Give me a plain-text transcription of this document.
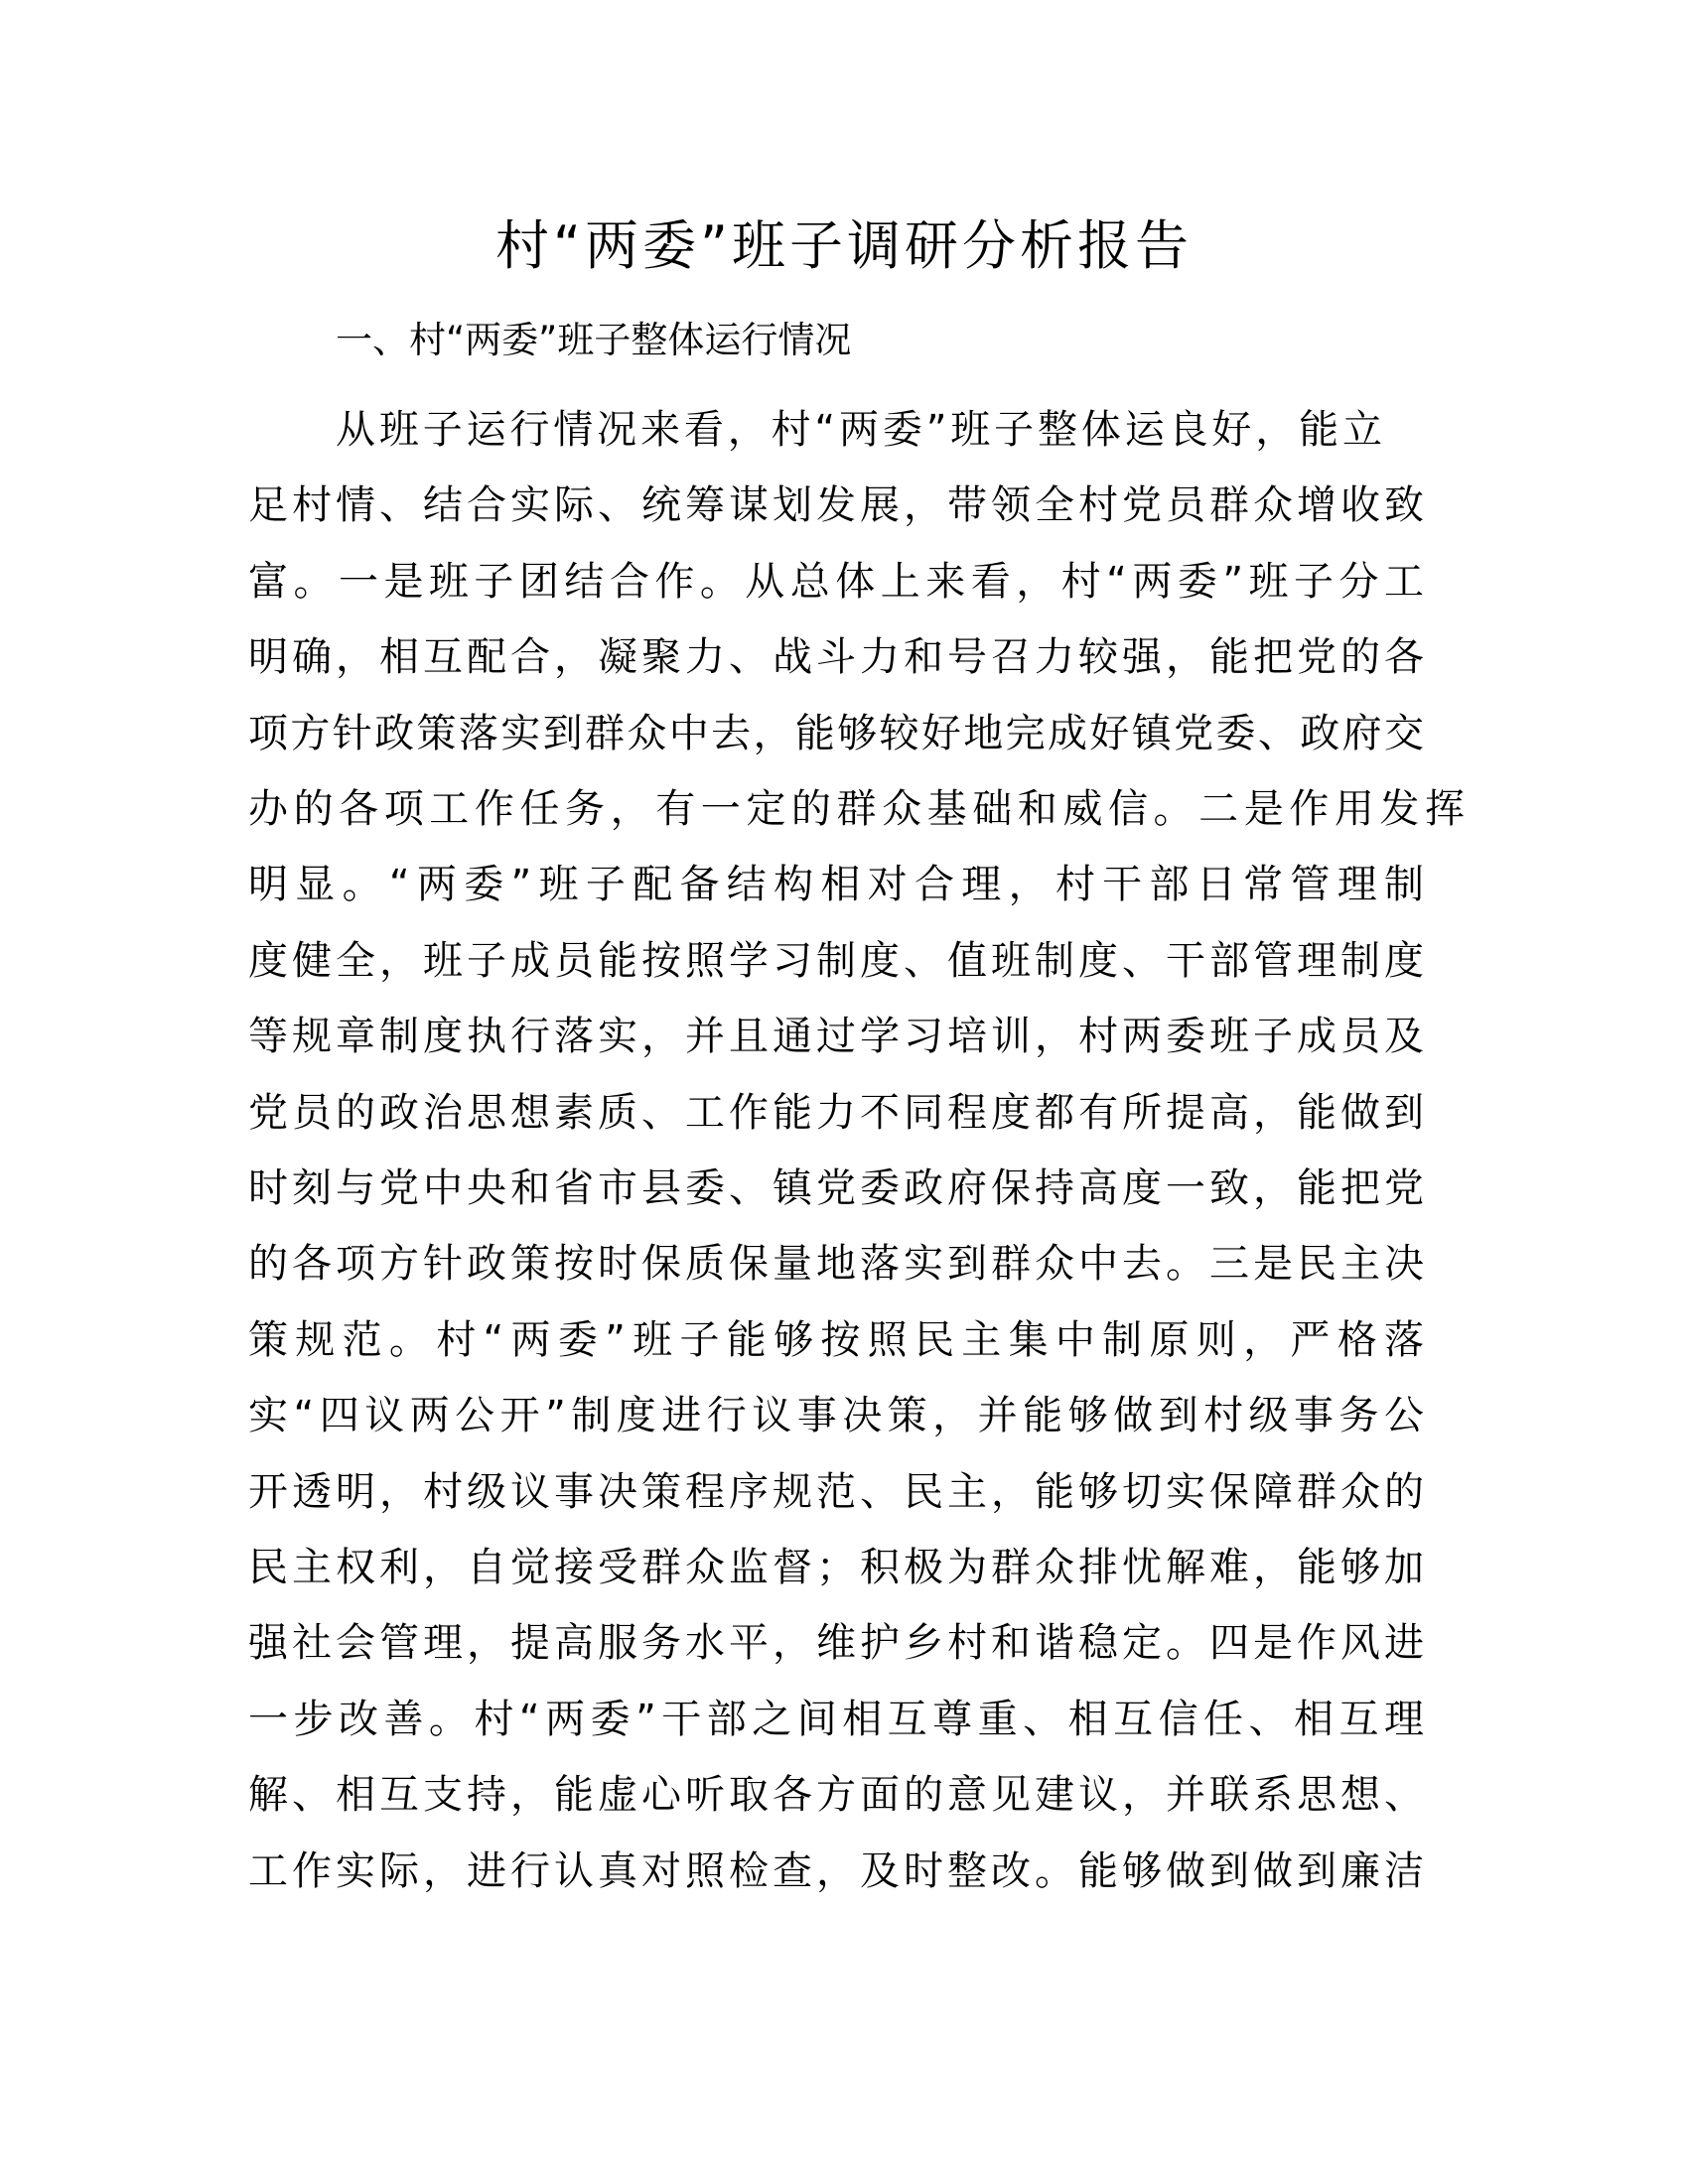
村“两委”班子调研分析报告
一、村“两委”班子整体运行情况
从班子运行情况来看，村“两委”班子整体运良好，能立
足村情、结合实际、统筹谋划发展，带领全村党员群众增收致
富。一是班子团结合作。从总体上来看，村“两委”班子分工
明确，相互配合，凝聚力、战斗力和号召力较强，能把党的各
项方针政策落实到群众中去，能够较好地完成好镇党委、政府交
办的各项工作任务，有一定的群众基础和威信。二是作用发挥
明显。“两委”班子配备结构相对合理，村干部日常管理制
度健全，班子成员能按照学习制度、值班制度、干部管理制度
等规章制度执行落实，并且通过学习培训，村两委班子成员及
党员的政治思想素质、工作能力不同程度都有所提高，能做到
时刻与党中央和省市县委、镇党委政府保持高度一致，能把党
的各项方针政策按时保质保量地落实到群众中去。三是民主决
策规范。村“两委”班子能够按照民主集中制原则，严格落
实“四议两公开”制度进行议事决策，并能够做到村级事务公
开透明，村级议事决策程序规范、民主，能够切实保障群众的
民主权利，自觉接受群众监督；积极为群众排忧解难，能够加
强社会管理，提高服务水平，维护乡村和谐稳定。四是作风进
一步改善。村“两委”干部之间相互尊重、相互信任、相互理
解、相互支持，能虚心听取各方面的意见建议，并联系思想、
工作实际，进行认真对照检查，及时整改。能够做到做到廉洁
